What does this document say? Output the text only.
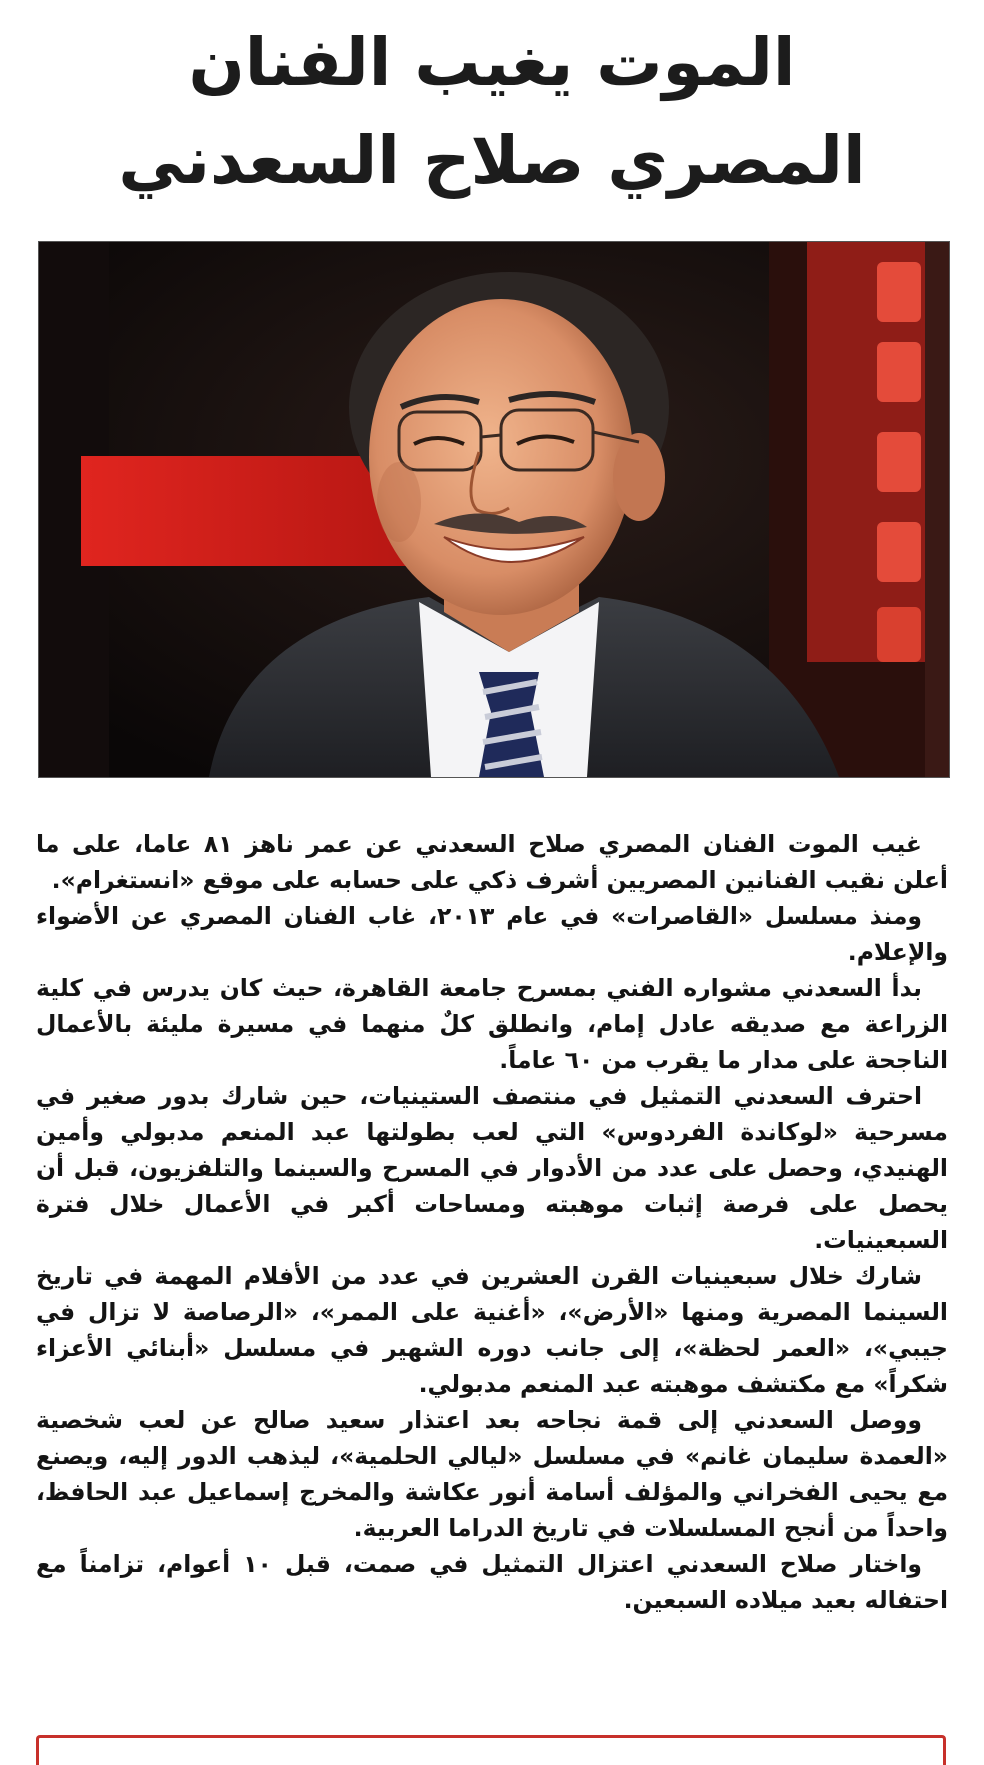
الموت يغيب الفنان
المصري صلاح السعدني

غيب الموت الفنان المصري صلاح السعدني عن عمر ناهز ٨١ عاما، على ما أعلن نقيب الفنانين المصريين أشرف ذكي على حسابه على موقع «انستغرام».

ومنذ مسلسل «القاصرات» في عام ٢٠١٣، غاب الفنان المصري عن الأضواء والإعلام.

بدأ السعدني مشواره الفني بمسرح جامعة القاهرة، حيث كان يدرس في كلية الزراعة مع صديقه عادل إمام، وانطلق كلٌ منهما في مسيرة مليئة بالأعمال الناجحة على مدار ما يقرب من ٦٠ عاماً.

احترف السعدني التمثيل في منتصف الستينيات، حين شارك بدور صغير في مسرحية «لوكاندة الفردوس» التي لعب بطولتها عبد المنعم مدبولي وأمين الهنيدي، وحصل على عدد من الأدوار في المسرح والسينما والتلفزيون، قبل أن يحصل على فرصة إثبات موهبته ومساحات أكبر في الأعمال خلال فترة السبعينيات.

شارك خلال سبعينيات القرن العشرين في عدد من الأفلام المهمة في تاريخ السينما المصرية ومنها «الأرض»، «أغنية على الممر»، «الرصاصة لا تزال في جيبي»، «العمر لحظة»، إلى جانب دوره الشهير في مسلسل «أبنائي الأعزاء شكراً» مع مكتشف موهبته عبد المنعم مدبولي.

ووصل السعدني إلى قمة نجاحه بعد اعتذار سعيد صالح عن لعب شخصية «العمدة سليمان غانم» في مسلسل «ليالي الحلمية»، ليذهب الدور إليه، ويصنع مع يحيى الفخراني والمؤلف أسامة أنور عكاشة والمخرج إسماعيل عبد الحافظ، واحداً من أنجح المسلسلات في تاريخ الدراما العربية.

واختار صلاح السعدني اعتزال التمثيل في صمت، قبل ١٠ أعوام، تزامناً مع احتفاله بعيد ميلاده السبعين.
